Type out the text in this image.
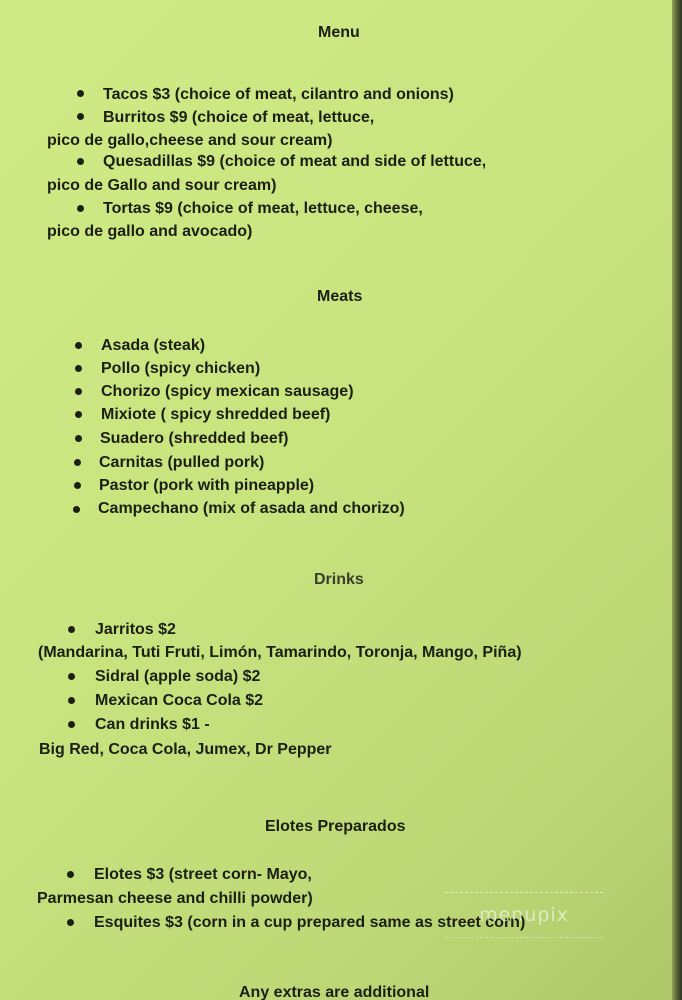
Menu
Tacos $3 (choice of meat, cilantro and onions)
Burritos $9 (choice of meat, lettuce,
pico de gallo,cheese and sour cream)
Quesadillas $9 (choice of meat and side of lettuce,
pico de Gallo and sour cream)
Tortas $9 (choice of meat, lettuce, cheese,
pico de gallo and avocado)
Meats
Asada (steak)
Pollo (spicy chicken)
Chorizo (spicy mexican sausage)
Mixiote ( spicy shredded beef)
Suadero (shredded beef)
Carnitas (pulled pork)
Pastor (pork with pineapple)
Campechano (mix of asada and chorizo)
Drinks
Jarritos $2
(Mandarina, Tuti Fruti, Limón, Tamarindo, Toronja, Mango, Piña)
Sidral (apple soda) $2
Mexican Coca Cola $2
Can drinks $1 -
Big Red, Coca Cola, Jumex, Dr Pepper
Elotes Preparados
Elotes $3 (street corn- Mayo,
Parmesan cheese and chilli powder)
Esquites $3 (corn in a cup prepared same as street corn)
Any extras are additional
menupix
